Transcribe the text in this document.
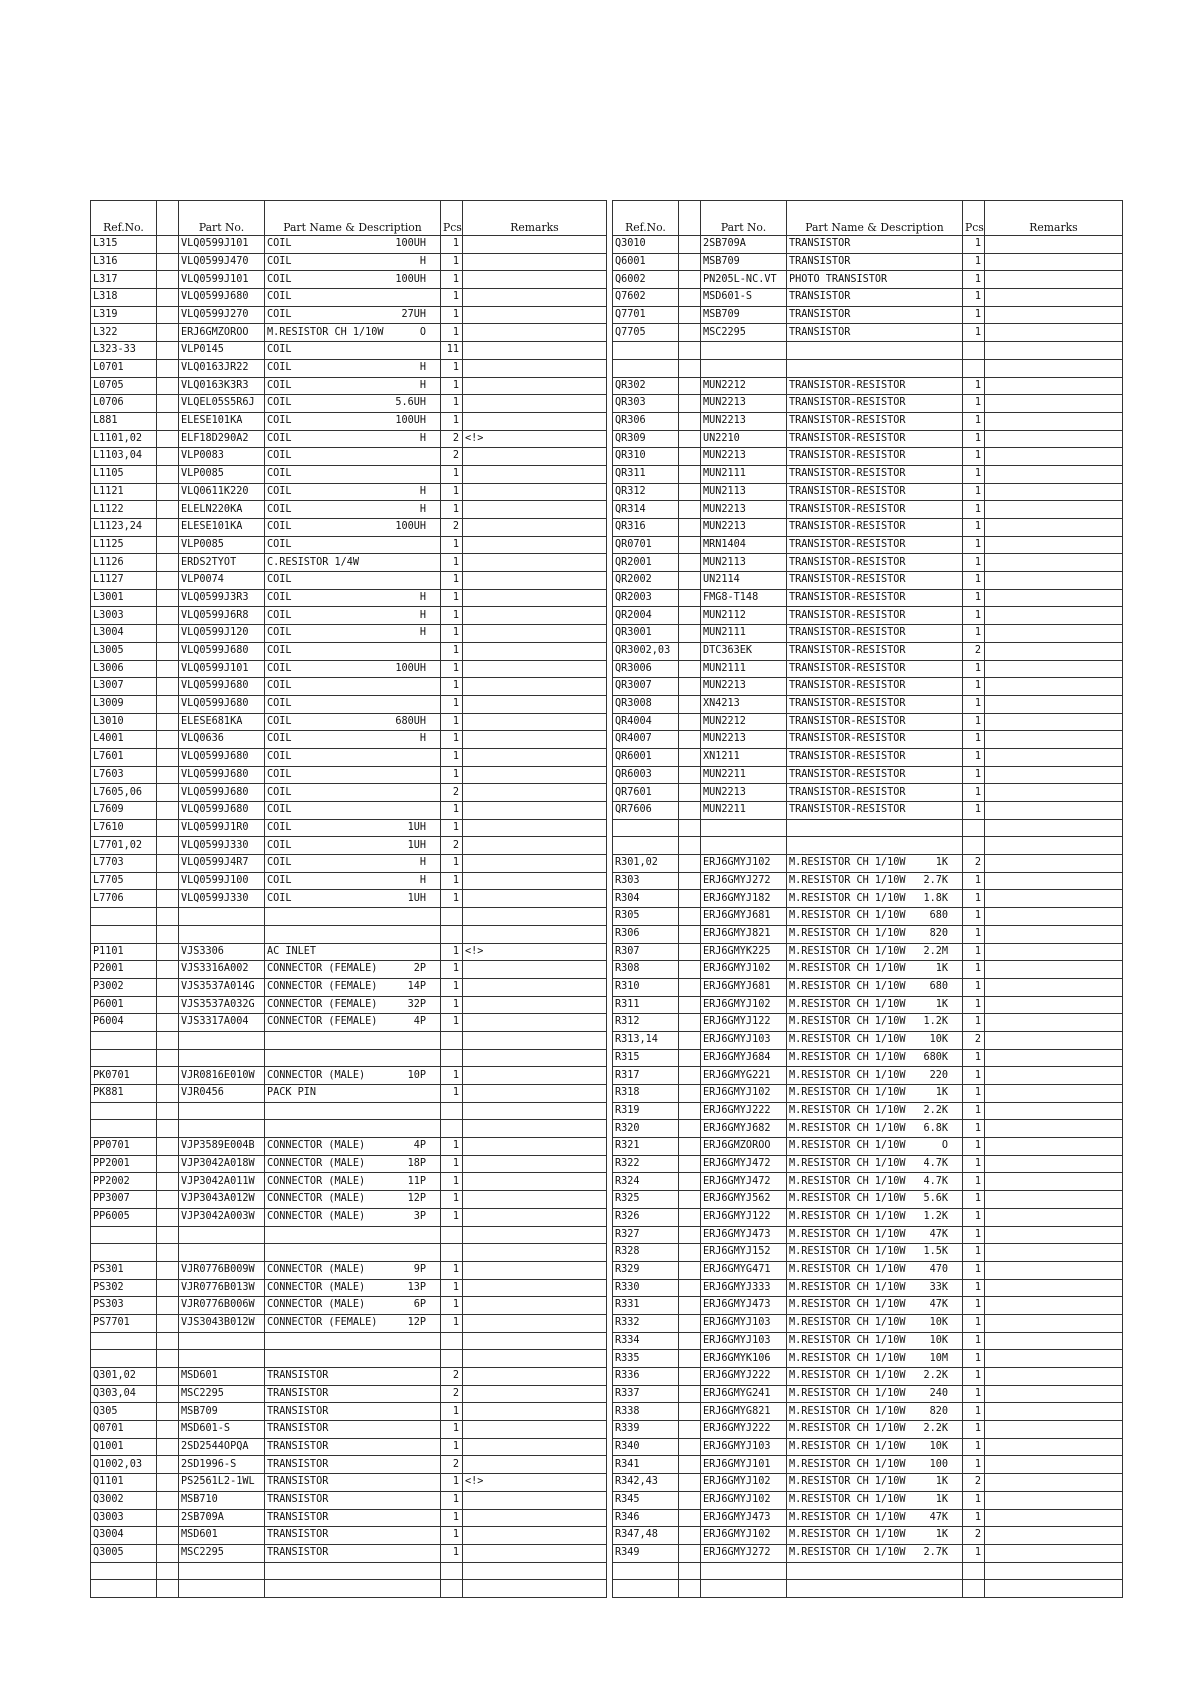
Ref.No.		Part No.	Part Name & Description	Pcs	Remarks
L315		VLQ0599J101	COIL 100UH	1	
L316		VLQ0599J470	COIL H	1	
L317		VLQ0599J101	COIL 100UH	1	
L318		VLQ0599J680	COIL	1	
L319		VLQ0599J270	COIL 27UH	1	
L322		ERJ6GMZOROO	M.RESISTOR CH 1/10W O	1	
L323-33		VLP0145	COIL	11	
L0701		VLQ0163JR22	COIL H	1	
L0705		VLQ0163K3R3	COIL H	1	
L0706		VLQEL05S5R6J	COIL 5.6UH	1	
L881		ELESE101KA	COIL 100UH	1	
L1101,02		ELF18D290A2	COIL H	2	<!>
L1103,04		VLP0083	COIL	2	
L1105		VLP0085	COIL	1	
L1121		VLQ0611K220	COIL H	1	
L1122		ELELN220KA	COIL H	1	
L1123,24		ELESE101KA	COIL 100UH	2	
L1125		VLP0085	COIL	1	
L1126		ERDS2TYOT	C.RESISTOR 1/4W	1	
L1127		VLP0074	COIL	1	
L3001		VLQ0599J3R3	COIL H	1	
L3003		VLQ0599J6R8	COIL H	1	
L3004		VLQ0599J120	COIL H	1	
L3005		VLQ0599J680	COIL	1	
L3006		VLQ0599J101	COIL 100UH	1	
L3007		VLQ0599J680	COIL	1	
L3009		VLQ0599J680	COIL	1	
L3010		ELESE681KA	COIL 680UH	1	
L4001		VLQ0636	COIL H	1	
L7601		VLQ0599J680	COIL	1	
L7603		VLQ0599J680	COIL	1	
L7605,06		VLQ0599J680	COIL	2	
L7609		VLQ0599J680	COIL	1	
L7610		VLQ0599J1R0	COIL 1UH	1	
L7701,02		VLQ0599J330	COIL 1UH	2	
L7703		VLQ0599J4R7	COIL H	1	
L7705		VLQ0599J100	COIL H	1	
L7706		VLQ0599J330	COIL 1UH	1	

P1101		VJS3306	AC INLET	1	<!>
P2001		VJS3316A002	CONNECTOR (FEMALE) 2P	1	
P3002		VJS3537A014G	CONNECTOR (FEMALE) 14P	1	
P6001		VJS3537A032G	CONNECTOR (FEMALE) 32P	1	
P6004		VJS3317A004	CONNECTOR (FEMALE) 4P	1	

PK0701		VJR0816E010W	CONNECTOR (MALE) 10P	1	
PK881		VJR0456	PACK PIN	1	

PP0701		VJP3589E004B	CONNECTOR (MALE) 4P	1	
PP2001		VJP3042A018W	CONNECTOR (MALE) 18P	1	
PP2002		VJP3042A011W	CONNECTOR (MALE) 11P	1	
PP3007		VJP3043A012W	CONNECTOR (MALE) 12P	1	
PP6005		VJP3042A003W	CONNECTOR (MALE) 3P	1	

PS301		VJR0776B009W	CONNECTOR (MALE) 9P	1	
PS302		VJR0776B013W	CONNECTOR (MALE) 13P	1	
PS303		VJR0776B006W	CONNECTOR (MALE) 6P	1	
PS7701		VJS3043B012W	CONNECTOR (FEMALE) 12P	1	

Q301,02		MSD601	TRANSISTOR	2	
Q303,04		MSC2295	TRANSISTOR	2	
Q305		MSB709	TRANSISTOR	1	
Q0701		MSD601-S	TRANSISTOR	1	
Q1001		2SD2544OPQA	TRANSISTOR	1	
Q1002,03		2SD1996-S	TRANSISTOR	2	
Q1101		PS2561L2-1WL	TRANSISTOR	1	<!>
Q3002		MSB710	TRANSISTOR	1	
Q3003		2SB709A	TRANSISTOR	1	
Q3004		MSD601	TRANSISTOR	1	
Q3005		MSC2295	TRANSISTOR	1	

Ref.No.		Part No.	Part Name & Description	Pcs	Remarks
Q3010		2SB709A	TRANSISTOR	1	
Q6001		MSB709	TRANSISTOR	1	
Q6002		PN205L-NC.VT	PHOTO TRANSISTOR	1	
Q7602		MSD601-S	TRANSISTOR	1	
Q7701		MSB709	TRANSISTOR	1	
Q7705		MSC2295	TRANSISTOR	1	

QR302		MUN2212	TRANSISTOR-RESISTOR	1	
QR303		MUN2213	TRANSISTOR-RESISTOR	1	
QR306		MUN2213	TRANSISTOR-RESISTOR	1	
QR309		UN2210	TRANSISTOR-RESISTOR	1	
QR310		MUN2213	TRANSISTOR-RESISTOR	1	
QR311		MUN2111	TRANSISTOR-RESISTOR	1	
QR312		MUN2113	TRANSISTOR-RESISTOR	1	
QR314		MUN2213	TRANSISTOR-RESISTOR	1	
QR316		MUN2213	TRANSISTOR-RESISTOR	1	
QR0701		MRN1404	TRANSISTOR-RESISTOR	1	
QR2001		MUN2113	TRANSISTOR-RESISTOR	1	
QR2002		UN2114	TRANSISTOR-RESISTOR	1	
QR2003		FMG8-T148	TRANSISTOR-RESISTOR	1	
QR2004		MUN2112	TRANSISTOR-RESISTOR	1	
QR3001		MUN2111	TRANSISTOR-RESISTOR	1	
QR3002,03		DTC363EK	TRANSISTOR-RESISTOR	2	
QR3006		MUN2111	TRANSISTOR-RESISTOR	1	
QR3007		MUN2213	TRANSISTOR-RESISTOR	1	
QR3008		XN4213	TRANSISTOR-RESISTOR	1	
QR4004		MUN2212	TRANSISTOR-RESISTOR	1	
QR4007		MUN2213	TRANSISTOR-RESISTOR	1	
QR6001		XN1211	TRANSISTOR-RESISTOR	1	
QR6003		MUN2211	TRANSISTOR-RESISTOR	1	
QR7601		MUN2213	TRANSISTOR-RESISTOR	1	
QR7606		MUN2211	TRANSISTOR-RESISTOR	1	

R301,02		ERJ6GMYJ102	M.RESISTOR CH 1/10W 1K	2	
R303		ERJ6GMYJ272	M.RESISTOR CH 1/10W 2.7K	1	
R304		ERJ6GMYJ182	M.RESISTOR CH 1/10W 1.8K	1	
R305		ERJ6GMYJ681	M.RESISTOR CH 1/10W 680	1	
R306		ERJ6GMYJ821	M.RESISTOR CH 1/10W 820	1	
R307		ERJ6GMYK225	M.RESISTOR CH 1/10W 2.2M	1	
R308		ERJ6GMYJ102	M.RESISTOR CH 1/10W 1K	1	
R310		ERJ6GMYJ681	M.RESISTOR CH 1/10W 680	1	
R311		ERJ6GMYJ102	M.RESISTOR CH 1/10W 1K	1	
R312		ERJ6GMYJ122	M.RESISTOR CH 1/10W 1.2K	1	
R313,14		ERJ6GMYJ103	M.RESISTOR CH 1/10W 10K	2	
R315		ERJ6GMYJ684	M.RESISTOR CH 1/10W 680K	1	
R317		ERJ6GMYG221	M.RESISTOR CH 1/10W 220	1	
R318		ERJ6GMYJ102	M.RESISTOR CH 1/10W 1K	1	
R319		ERJ6GMYJ222	M.RESISTOR CH 1/10W 2.2K	1	
R320		ERJ6GMYJ682	M.RESISTOR CH 1/10W 6.8K	1	
R321		ERJ6GMZOROO	M.RESISTOR CH 1/10W O	1	
R322		ERJ6GMYJ472	M.RESISTOR CH 1/10W 4.7K	1	
R324		ERJ6GMYJ472	M.RESISTOR CH 1/10W 4.7K	1	
R325		ERJ6GMYJ562	M.RESISTOR CH 1/10W 5.6K	1	
R326		ERJ6GMYJ122	M.RESISTOR CH 1/10W 1.2K	1	
R327		ERJ6GMYJ473	M.RESISTOR CH 1/10W 47K	1	
R328		ERJ6GMYJ152	M.RESISTOR CH 1/10W 1.5K	1	
R329		ERJ6GMYG471	M.RESISTOR CH 1/10W 470	1	
R330		ERJ6GMYJ333	M.RESISTOR CH 1/10W 33K	1	
R331		ERJ6GMYJ473	M.RESISTOR CH 1/10W 47K	1	
R332		ERJ6GMYJ103	M.RESISTOR CH 1/10W 10K	1	
R334		ERJ6GMYJ103	M.RESISTOR CH 1/10W 10K	1	
R335		ERJ6GMYK106	M.RESISTOR CH 1/10W 10M	1	
R336		ERJ6GMYJ222	M.RESISTOR CH 1/10W 2.2K	1	
R337		ERJ6GMYG241	M.RESISTOR CH 1/10W 240	1	
R338		ERJ6GMYG821	M.RESISTOR CH 1/10W 820	1	
R339		ERJ6GMYJ222	M.RESISTOR CH 1/10W 2.2K	1	
R340		ERJ6GMYJ103	M.RESISTOR CH 1/10W 10K	1	
R341		ERJ6GMYJ101	M.RESISTOR CH 1/10W 100	1	
R342,43		ERJ6GMYJ102	M.RESISTOR CH 1/10W 1K	2	
R345		ERJ6GMYJ102	M.RESISTOR CH 1/10W 1K	1	
R346		ERJ6GMYJ473	M.RESISTOR CH 1/10W 47K	1	
R347,48		ERJ6GMYJ102	M.RESISTOR CH 1/10W 1K	2	
R349		ERJ6GMYJ272	M.RESISTOR CH 1/10W 2.7K	1	
